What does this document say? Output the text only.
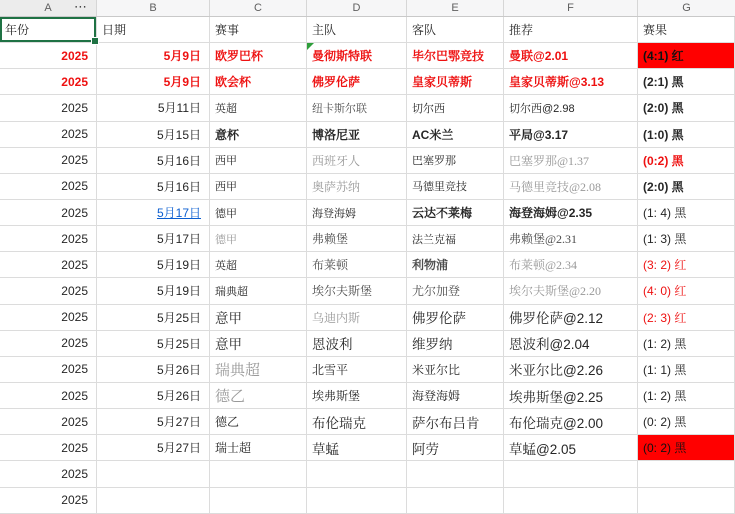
A	B	C	D	E	F	G
⋯
年份	日期	赛事	主队	客队	推荐	赛果
2025	5月9日	欧罗巴杯	曼彻斯特联	毕尔巴鄂竞技	曼联@2.01	(4:1) 红
2025	5月9日	欧会杯	佛罗伦萨	皇家贝蒂斯	皇家贝蒂斯@3.13	(2:1) 黑
2025	5月11日	英超	纽卡斯尔联	切尔西	切尔西@2.98	(2:0) 黑
2025	5月15日	意杯	博洛尼亚	AC米兰	平局@3.17	(1:0) 黑
2025	5月16日	西甲	西班牙人	巴塞罗那	巴塞罗那@1.37	(0:2) 黑
2025	5月16日	西甲	奥萨苏纳	马德里竞技	马德里竞技@2.08	(2:0) 黑
2025	5月17日	德甲	海登海姆	云达不莱梅	海登海姆@2.35	(1: 4) 黑
2025	5月17日	德甲	弗赖堡	法兰克福	弗赖堡@2.31	(1: 3) 黑
2025	5月19日	英超	布莱顿	利物浦	布莱顿@2.34	(3: 2) 红
2025	5月19日	瑞典超	埃尔夫斯堡	尤尔加登	埃尔夫斯堡@2.20	(4: 0) 红
2025	5月25日	意甲	乌迪内斯	佛罗伦萨	佛罗伦萨@2.12	(2: 3) 红
2025	5月25日	意甲	恩波利	维罗纳	恩波利@2.04	(1: 2) 黑
2025	5月26日 瑞典超	北雪平	米亚尔比	米亚尔比@2.26	(1: 1) 黑
2025	5月26日 德乙	埃弗斯堡	海登海姆	埃弗斯堡@2.25	(1: 2) 黑
2025	5月27日	德乙	布伦瑞克	萨尔布吕肯	布伦瑞克@2.00	(0: 2) 黑
2025	5月27日	瑞士超	草蜢	阿劳	草蜢@2.05	(0: 2) 黑
2025
2025
